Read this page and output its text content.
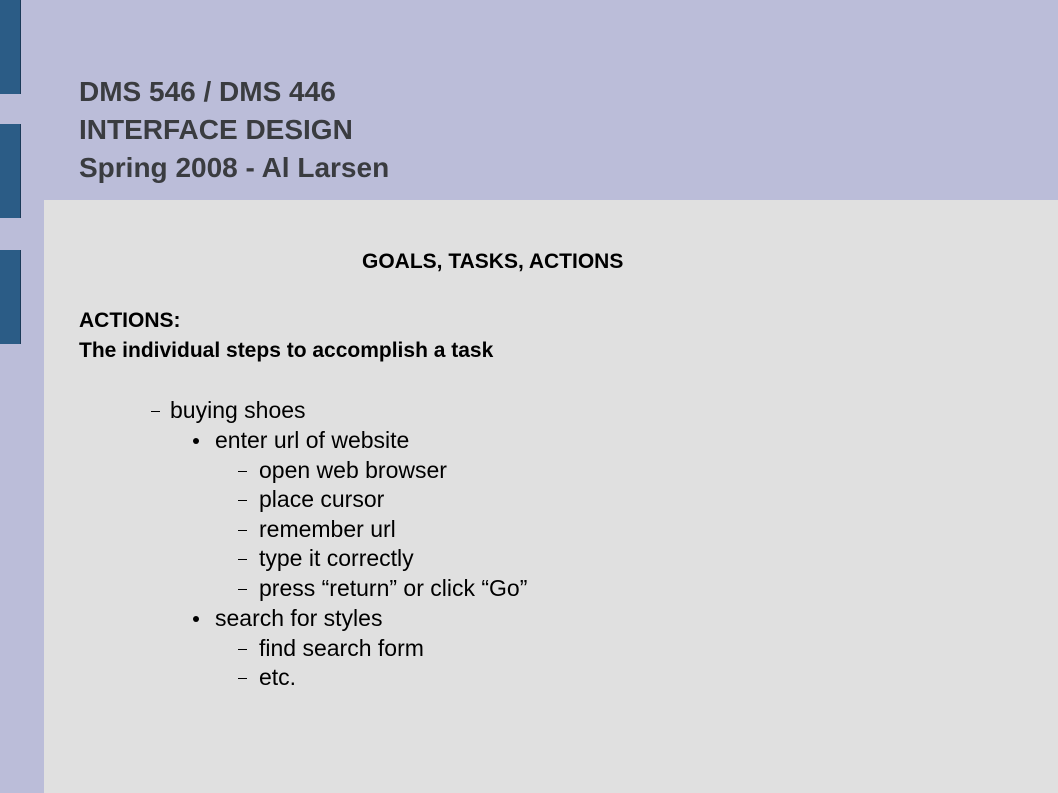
DMS 546 / DMS 446
INTERFACE DESIGN
Spring 2008 - Al Larsen
GOALS, TASKS, ACTIONS
ACTIONS:
The individual steps to accomplish a task
buying shoes
enter url of website
open web browser
place cursor
remember url
type it correctly
press “return” or click “Go”
search for styles
find search form
etc.
